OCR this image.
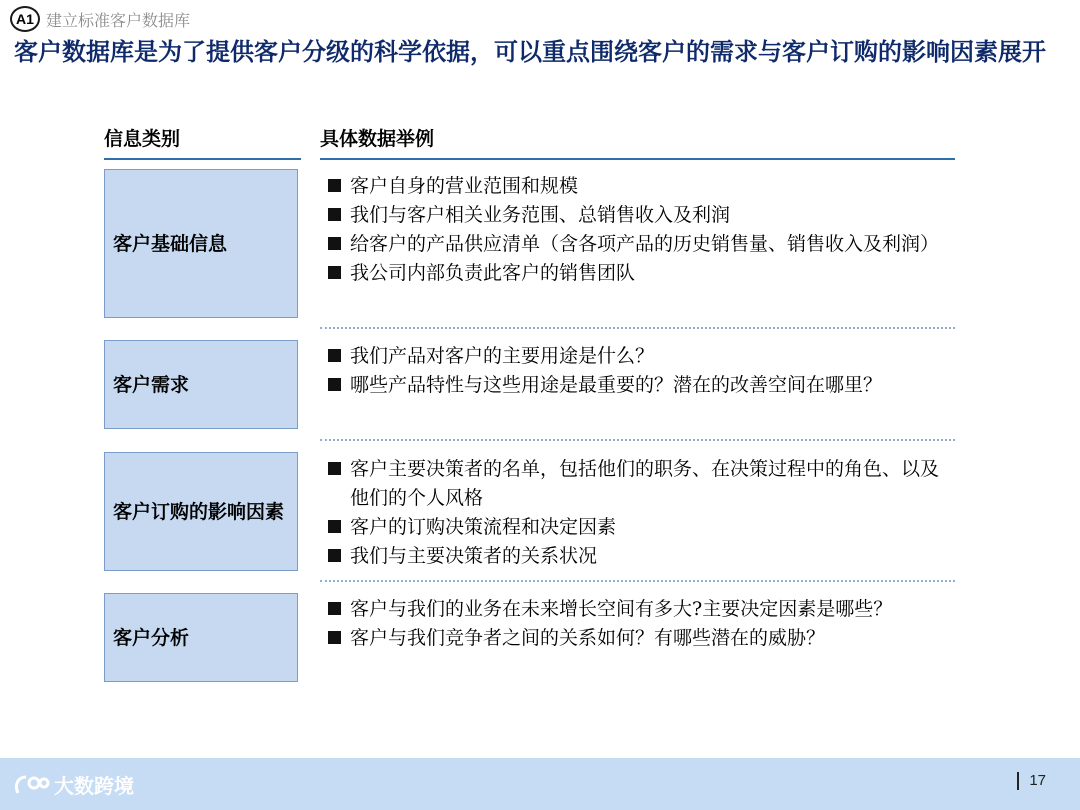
A1 建立标准客户数据库
客户数据库是为了提供客户分级的科学依据，可以重点围绕客户的需求与客户订购的影响因素展开
信息类别	具体数据举例
客户基础信息

客户自身的营业范围和规模

我们与客户相关业务范围、总销售收入及利润

给客户的产品供应清单（含各项产品的历史销售量、销售收入及利润）

我公司内部负责此客户的销售团队

客户需求

我们产品对客户的主要用途是什么？

哪些产品特性与这些用途是最重要的？潜在的改善空间在哪里？

客户订购的影响因素

客户主要决策者的名单，包括他们的职务、在决策过程中的角色、以及他们的个人风格

客户的订购决策流程和决定因素

我们与主要决策者的关系状况

客户分析

客户与我们的业务在未来增长空间有多大?主要决定因素是哪些？

客户与我们竞争者之间的关系如何？有哪些潜在的威胁？

大数跨境	17
